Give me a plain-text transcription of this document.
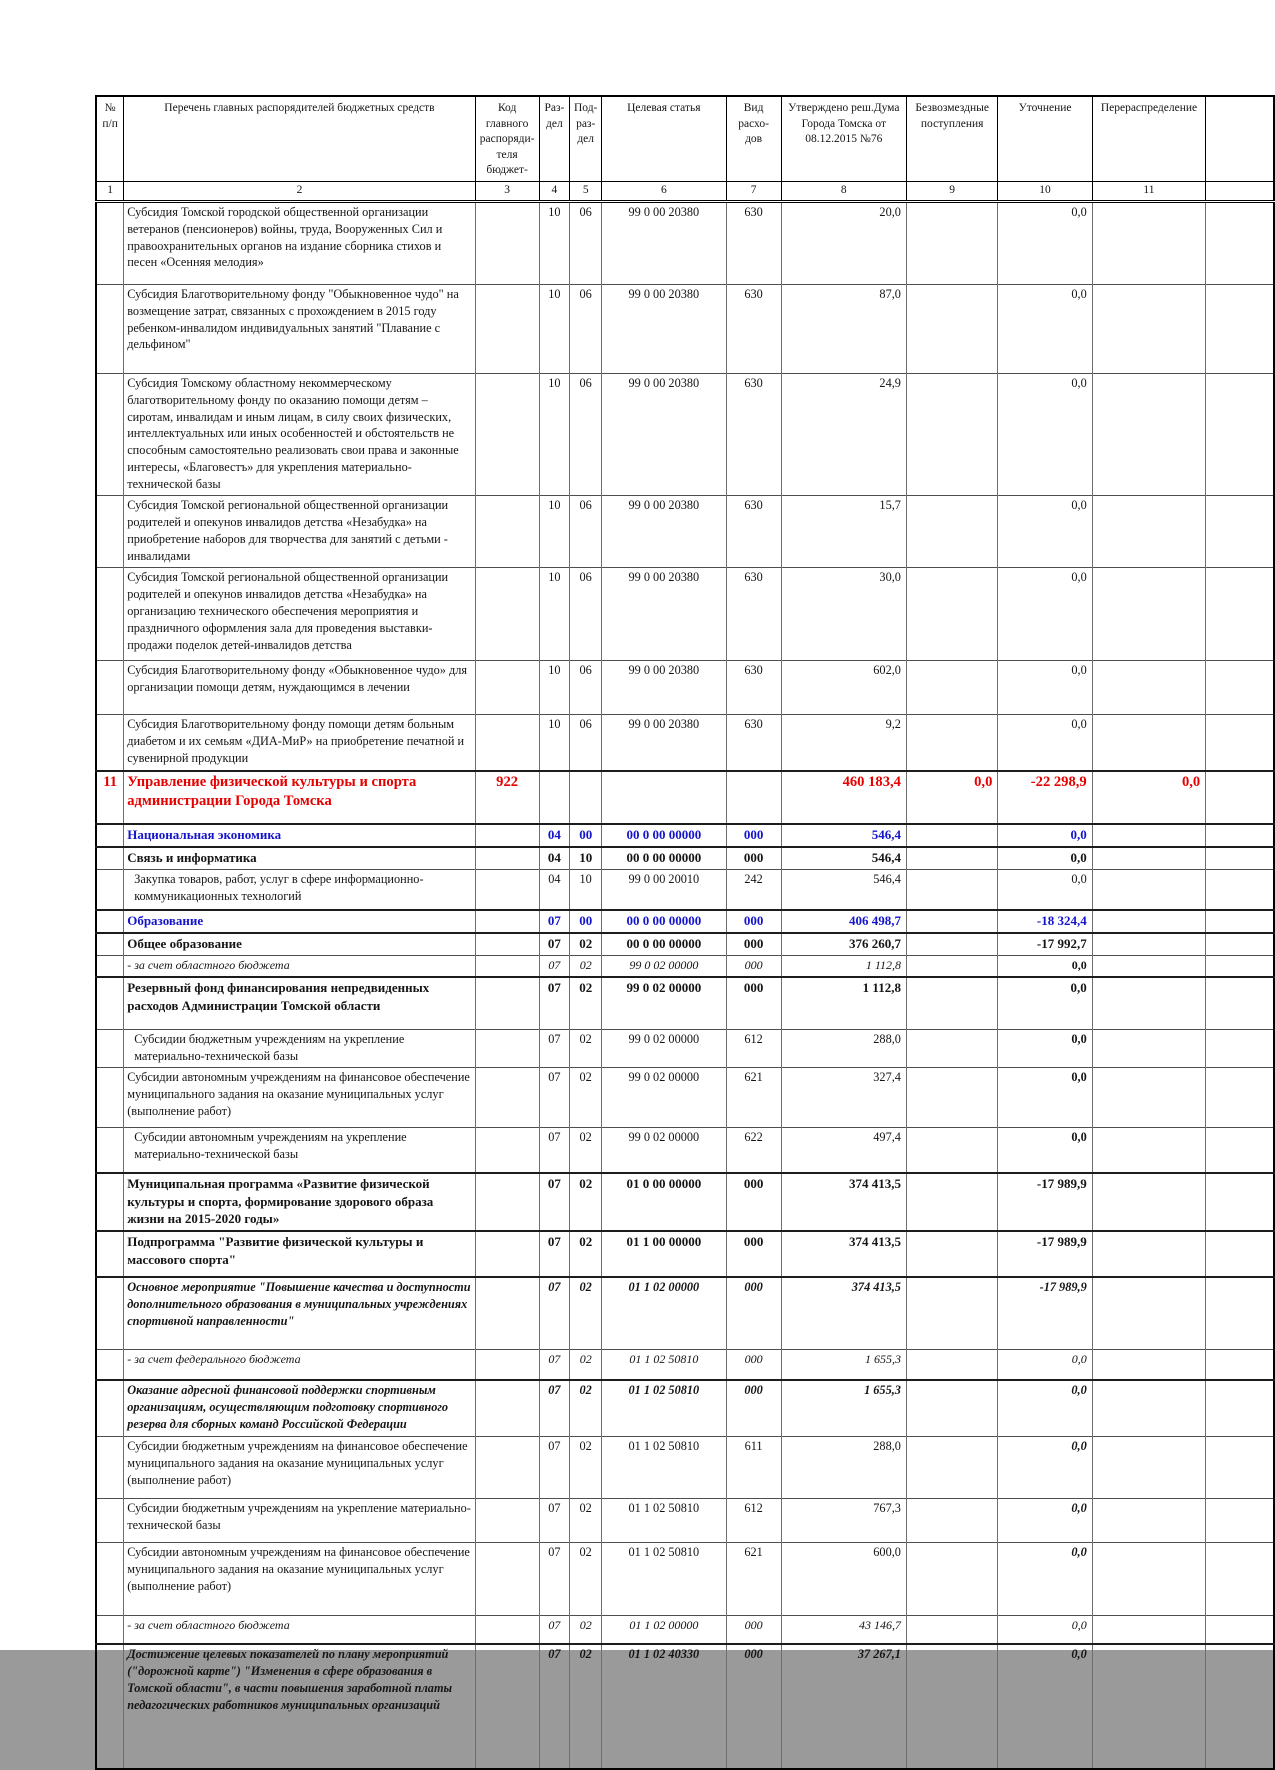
№ п/п	Перечень главных распорядителей бюджетных средств	Код главного распоряди- теля бюджет-	Раз- дел	Под- раз- дел	Целевая статья	Вид расхо- дов	Утверждено реш.Дума Города Томска от 08.12.2015 №76	Безвозмездные поступления	Уточнение	Перераспределение	
1	2	3	4	5	6	7	8	9	10	11	
	Субсидия Томской городской общественной организации ветеранов (пенсионеров) войны, труда, Вооруженных Сил и правоохранительных органов на издание сборника стихов и песен «Осенняя мелодия»		10	06	99 0 00 20380	630	20,0		0,0		
	Субсидия Благотворительному фонду "Обыкновенное чудо" на возмещение затрат, связанных с прохождением в 2015 году ребенком-инвалидом индивидуальных занятий "Плавание с дельфином"		10	06	99 0 00 20380	630	87,0		0,0		
	Субсидия Томскому областному некоммерческому благотворительному фонду по оказанию помощи детям – сиротам, инвалидам и иным лицам, в силу своих физических, интеллектуальных или иных особенностей и обстоятельств не способным самостоятельно реализовать свои права и законные интересы, «Благовестъ» для укрепления материально-технической базы		10	06	99 0 00 20380	630	24,9		0,0		
	Субсидия Томской региональной общественной организации родителей и опекунов инвалидов детства «Незабудка» на приобретение наборов для творчества для занятий с детьми - инвалидами		10	06	99 0 00 20380	630	15,7		0,0		
	Субсидия Томской региональной общественной организации родителей и опекунов инвалидов детства «Незабудка» на организацию технического обеспечения мероприятия и праздничного оформления зала для проведения выставки-продажи поделок детей-инвалидов детства		10	06	99 0 00 20380	630	30,0		0,0		
	Субсидия Благотворительному фонду «Обыкновенное чудо» для организации помощи детям, нуждающимся в лечении		10	06	99 0 00 20380	630	602,0		0,0		
	Субсидия Благотворительному фонду помощи детям больным диабетом и их семьям «ДИА-МиР» на приобретение печатной и сувенирной продукции		10	06	99 0 00 20380	630	9,2		0,0		
11	Управление физической культуры и спорта администрации Города Томска	922					460 183,4	0,0	-22 298,9	0,0	
	Национальная экономика		04	00	00 0 00 00000	000	546,4		0,0		
	Связь и информатика		04	10	00 0 00 00000	000	546,4		0,0		
	Закупка товаров, работ, услуг в сфере информационно-коммуникационных технологий		04	10	99 0 00 20010	242	546,4		0,0		
	Образование		07	00	00 0 00 00000	000	406 498,7		-18 324,4		
	Общее образование		07	02	00 0 00 00000	000	376 260,7		-17 992,7		
	- за счет областного бюджета		07	02	99 0 02 00000	000	1 112,8		0,0		
	Резервный фонд финансирования непредвиденных расходов Администрации Томской области		07	02	99 0 02 00000	000	1 112,8		0,0		
	Субсидии бюджетным учреждениям на укрепление материально-технической базы		07	02	99 0 02 00000	612	288,0		0,0		
	Субсидии автономным учреждениям на финансовое обеспечение муниципального задания на оказание муниципальных услуг (выполнение работ)		07	02	99 0 02 00000	621	327,4		0,0		
	Субсидии автономным учреждениям на укрепление материально-технической базы		07	02	99 0 02 00000	622	497,4		0,0		
	Муниципальная программа «Развитие физической культуры и спорта, формирование здорового образа жизни на 2015-2020 годы»		07	02	01 0 00 00000	000	374 413,5		-17 989,9		
	Подпрограмма "Развитие физической культуры и массового спорта"		07	02	01 1 00 00000	000	374 413,5		-17 989,9		
	Основное мероприятие "Повышение качества и доступности дополнительного образования в муниципальных учреждениях спортивной направленности"		07	02	01 1 02 00000	000	374 413,5		-17 989,9		
	- за счет федерального бюджета		07	02	01 1 02 50810	000	1 655,3		0,0		
	Оказание адресной финансовой поддержки спортивным организациям, осуществляющим подготовку спортивного резерва для сборных команд Российской Федерации		07	02	01 1 02 50810	000	1 655,3		0,0		
	Субсидии бюджетным учреждениям на финансовое обеспечение муниципального задания на оказание муниципальных услуг (выполнение работ)		07	02	01 1 02 50810	611	288,0		0,0		
	Субсидии бюджетным учреждениям на укрепление материально-технической базы		07	02	01 1 02 50810	612	767,3		0,0		
	Субсидии автономным учреждениям на финансовое обеспечение муниципального задания на оказание муниципальных услуг (выполнение работ)		07	02	01 1 02 50810	621	600,0		0,0		
	- за счет областного бюджета		07	02	01 1 02 00000	000	43 146,7		0,0		
	Достижение целевых показателей по плану мероприятий ("дорожной карте") "Изменения в сфере образования в Томской области", в части повышения заработной платы педагогических работников муниципальных организаций		07	02	01 1 02 40330	000	37 267,1		0,0		
